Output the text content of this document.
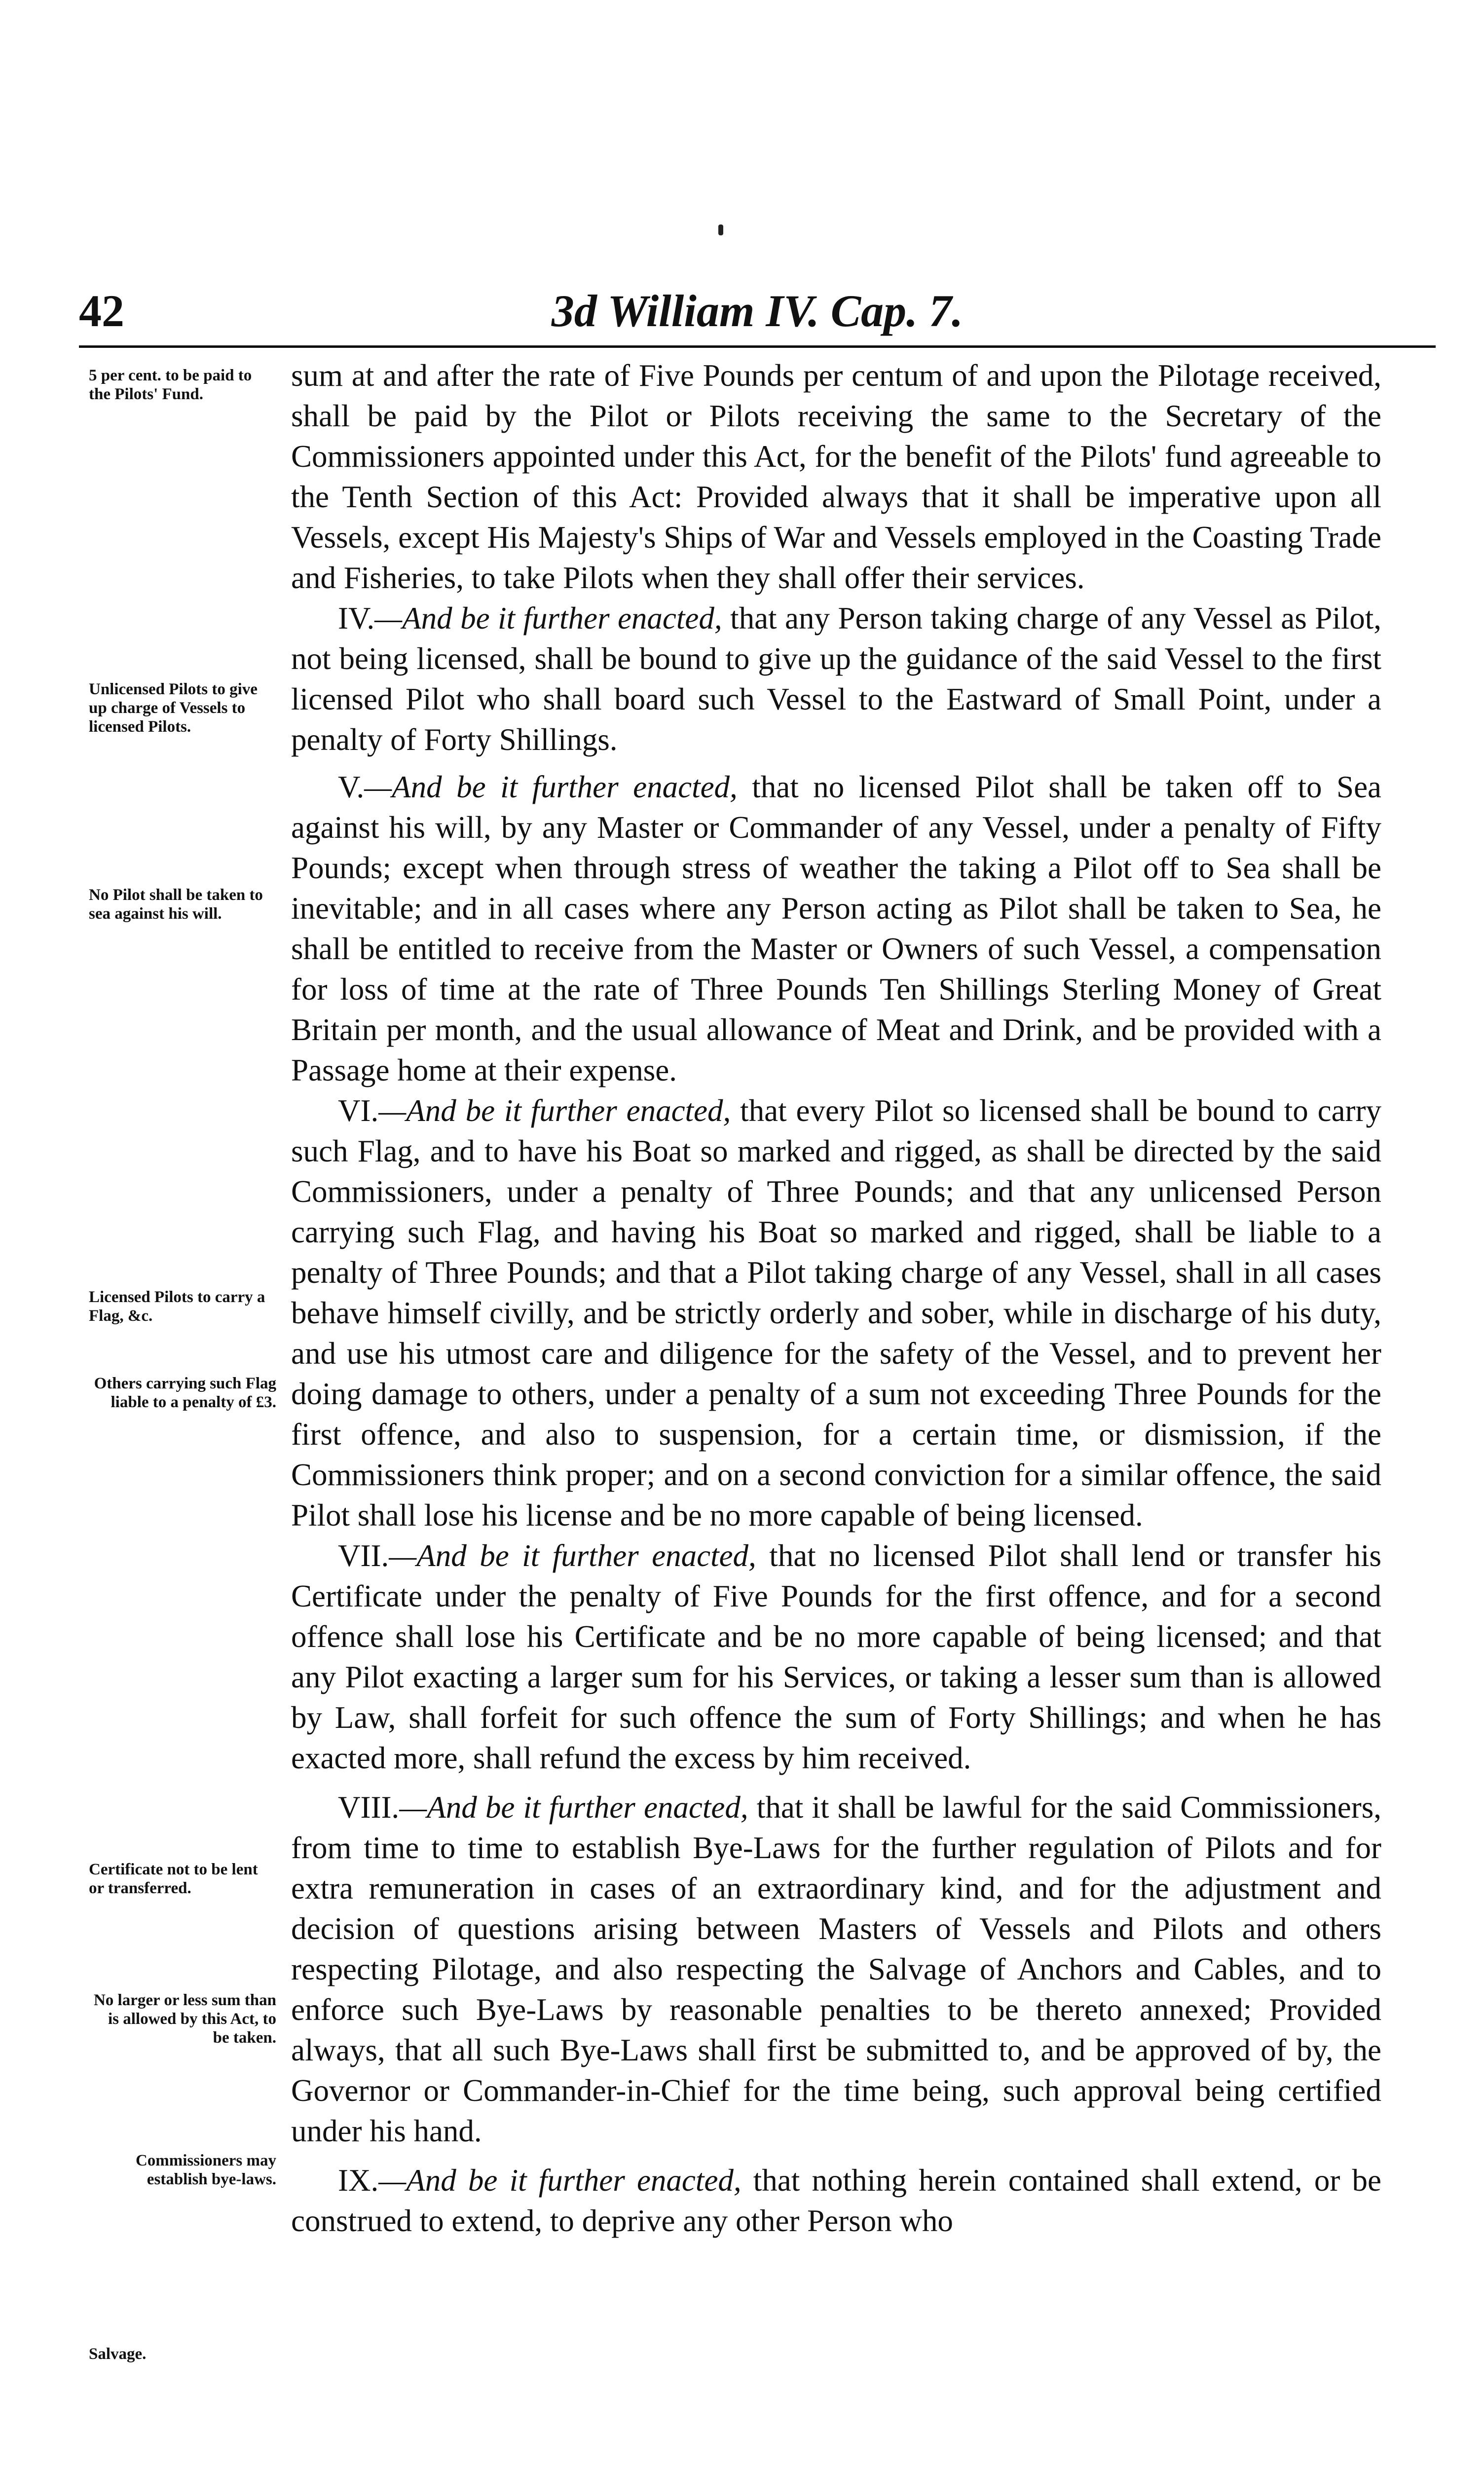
42	3d William IV. Cap. 7.
5 per cent. to be paid to the Pilots' Fund.
Unlicensed Pilots to give up charge of Vessels to licensed Pilots.
No Pilot shall be taken to sea against his will.
Licensed Pilots to carry a Flag, &c.
Others carrying such Flag liable to a penalty of £3.
Certificate not to be lent or transferred.
No larger or less sum than is allowed by this Act, to be taken.
Commissioners may establish bye-laws.
Salvage.

sum at and after the rate of Five Pounds per centum of and upon the Pilotage received, shall be paid by the Pilot or Pilots receiving the same to the Secretary of the Commissioners appointed under this Act, for the benefit of the Pilots' fund agreeable to the Tenth Section of this Act: Provided always that it shall be imperative upon all Vessels, except His Majesty's Ships of War and Vessels employed in the Coasting Trade and Fisheries, to take Pilots when they shall offer their services.

IV.—And be it further enacted, that any Person taking charge of any Vessel as Pilot, not being licensed, shall be bound to give up the guidance of the said Vessel to the first licensed Pilot who shall board such Vessel to the Eastward of Small Point, under a penalty of Forty Shillings.

V.—And be it further enacted, that no licensed Pilot shall be taken off to Sea against his will, by any Master or Commander of any Vessel, under a penalty of Fifty Pounds; except when through stress of weather the taking a Pilot off to Sea shall be inevitable; and in all cases where any Person acting as Pilot shall be taken to Sea, he shall be entitled to receive from the Master or Owners of such Vessel, a compensation for loss of time at the rate of Three Pounds Ten Shillings Sterling Money of Great Britain per month, and the usual allowance of Meat and Drink, and be provided with a Passage home at their expense.

VI.—And be it further enacted, that every Pilot so licensed shall be bound to carry such Flag, and to have his Boat so marked and rigged, as shall be directed by the said Commissioners, under a penalty of Three Pounds; and that any unlicensed Person carrying such Flag, and having his Boat so marked and rigged, shall be liable to a penalty of Three Pounds; and that a Pilot taking charge of any Vessel, shall in all cases behave himself civilly, and be strictly orderly and sober, while in discharge of his duty, and use his utmost care and diligence for the safety of the Vessel, and to prevent her doing damage to others, under a penalty of a sum not exceeding Three Pounds for the first offence, and also to suspension, for a certain time, or dismission, if the Commissioners think proper; and on a second conviction for a similar offence, the said Pilot shall lose his license and be no more capable of being licensed.

VII.—And be it further enacted, that no licensed Pilot shall lend or transfer his Certificate under the penalty of Five Pounds for the first offence, and for a second offence shall lose his Certificate and be no more capable of being licensed; and that any Pilot exacting a larger sum for his Services, or taking a lesser sum than is allowed by Law, shall forfeit for such offence the sum of Forty Shillings; and when he has exacted more, shall refund the excess by him received.

VIII.—And be it further enacted, that it shall be lawful for the said Commissioners, from time to time to establish Bye-Laws for the further regulation of Pilots and for extra remuneration in cases of an extraordinary kind, and for the adjustment and decision of questions arising between Masters of Vessels and Pilots and others respecting Pilotage, and also respecting the Salvage of Anchors and Cables, and to enforce such Bye-Laws by reasonable penalties to be thereto annexed; Provided always, that all such Bye-Laws shall first be submitted to, and be approved of by, the Governor or Commander-in-Chief for the time being, such approval being certified under his hand.

IX.—And be it further enacted, that nothing herein contained shall extend, or be construed to extend, to deprive any other Person who
